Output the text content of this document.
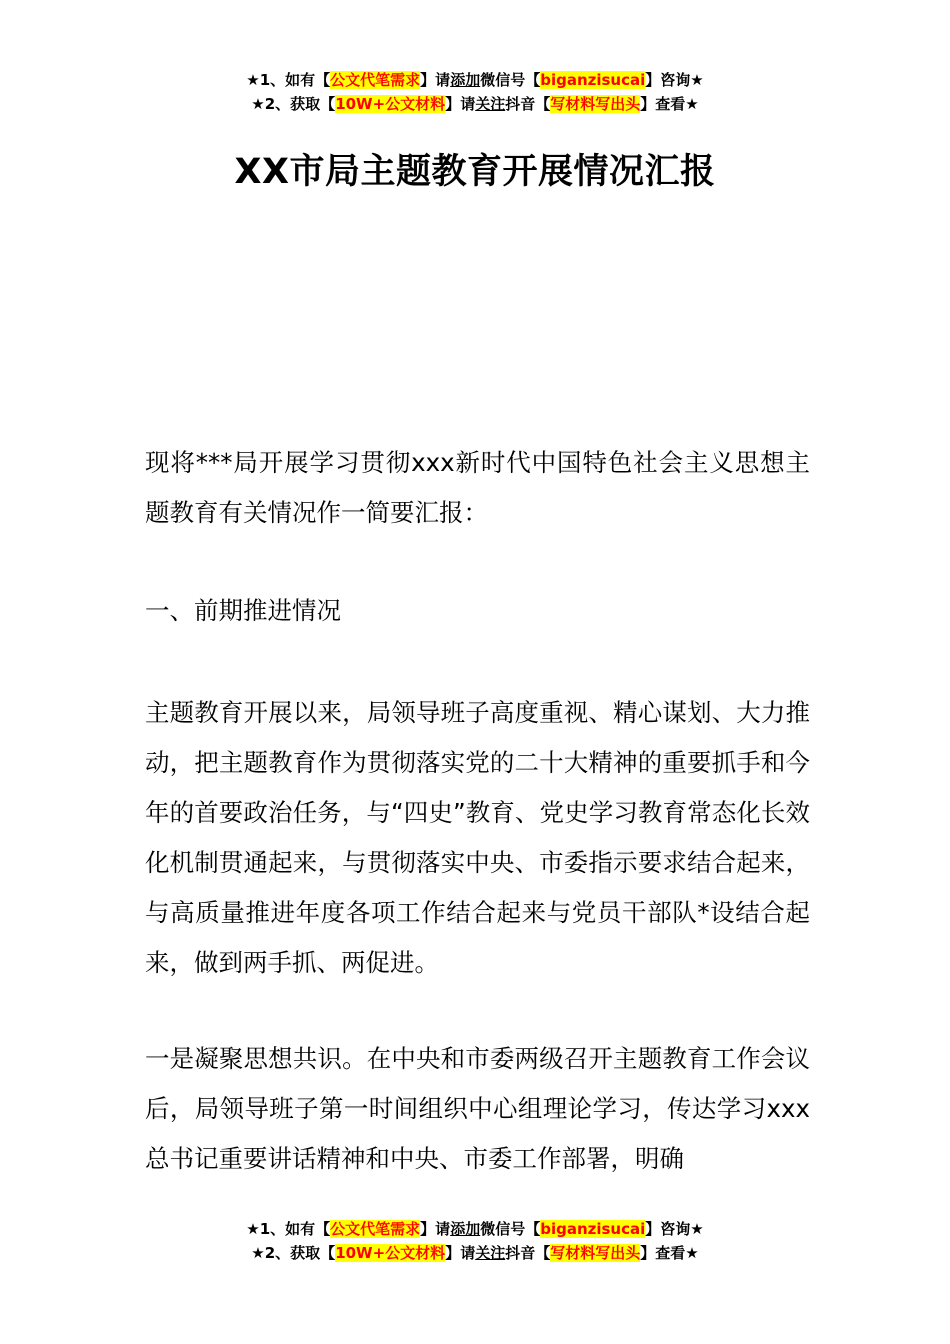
★1、如有【公文代笔需求】请添加微信号【biganzisucai】咨询★
★2、获取【10W+公文材料】请关注抖音【写材料写出头】查看★
XX市局主题教育开展情况汇报

现将***局开展学习贯彻xxx新时代中国特色社会主义思想主题教育有关情况作一简要汇报：

一、前期推进情况

主题教育开展以来，局领导班子高度重视、精心谋划、大力推动，把主题教育作为贯彻落实党的二十大精神的重要抓手和今年的首要政治任务，与“四史”教育、党史学习教育常态化长效化机制贯通起来，与贯彻落实中央、市委指示要求结合起来，与高质量推进年度各项工作结合起来与党员干部队*设结合起来，做到两手抓、两促进。

一是凝聚思想共识。在中央和市委两级召开主题教育工作会议后，局领导班子第一时间组织中心组理论学习，传达学习xxx总书记重要讲话精神和中央、市委工作部署，明确

★1、如有【公文代笔需求】请添加微信号【biganzisucai】咨询★
★2、获取【10W+公文材料】请关注抖音【写材料写出头】查看★
